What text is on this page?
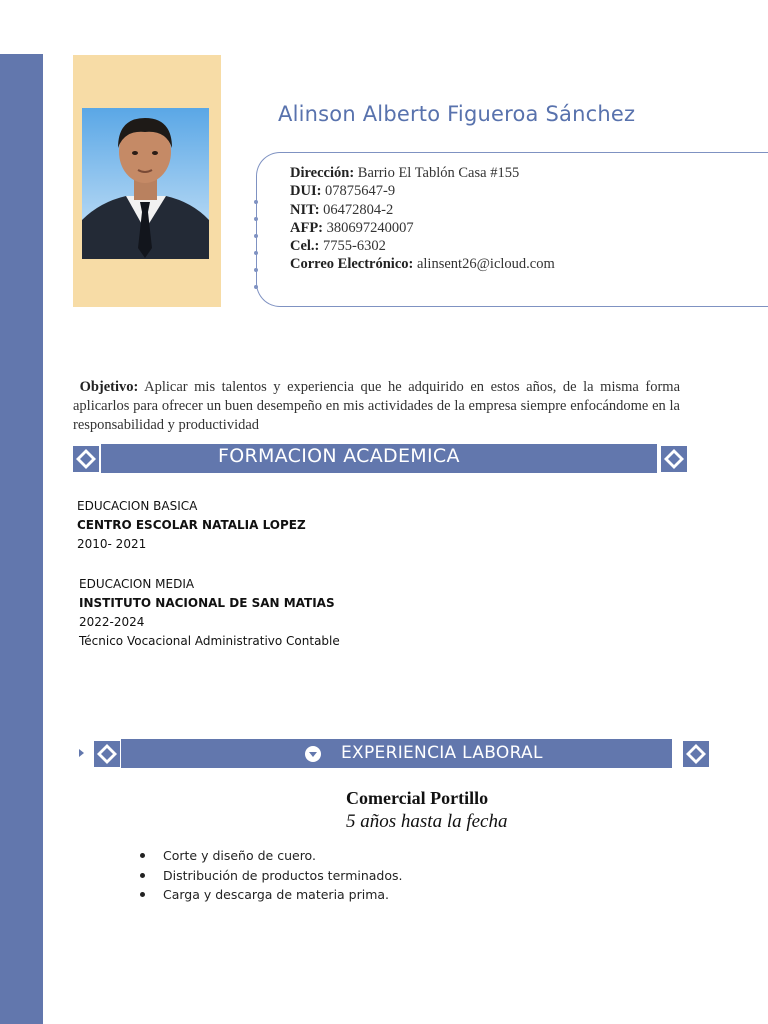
Alinson Alberto Figueroa Sánchez
Dirección: Barrio El Tablón Casa #155
DUI: 07875647-9
NIT: 06472804-2
AFP: 380697240007
Cel.: 7755-6302
Correo Electrónico: alinsent26@icloud.com
Objetivo: Aplicar mis talentos y experiencia que he adquirido en estos años, de la misma forma aplicarlos para ofrecer un buen desempeño en mis actividades de la empresa siempre enfocándome en la responsabilidad y productividad
FORMACION ACADEMICA
EDUCACION BASICA
CENTRO ESCOLAR NATALIA LOPEZ
2010- 2021
EDUCACION MEDIA
INSTITUTO NACIONAL DE SAN MATIAS
2022-2024
Técnico Vocacional Administrativo Contable
EXPERIENCIA LABORAL
Comercial Portillo
5 años hasta la fecha
Corte y diseño de cuero.
Distribución de productos terminados.
Carga y descarga de materia prima.
